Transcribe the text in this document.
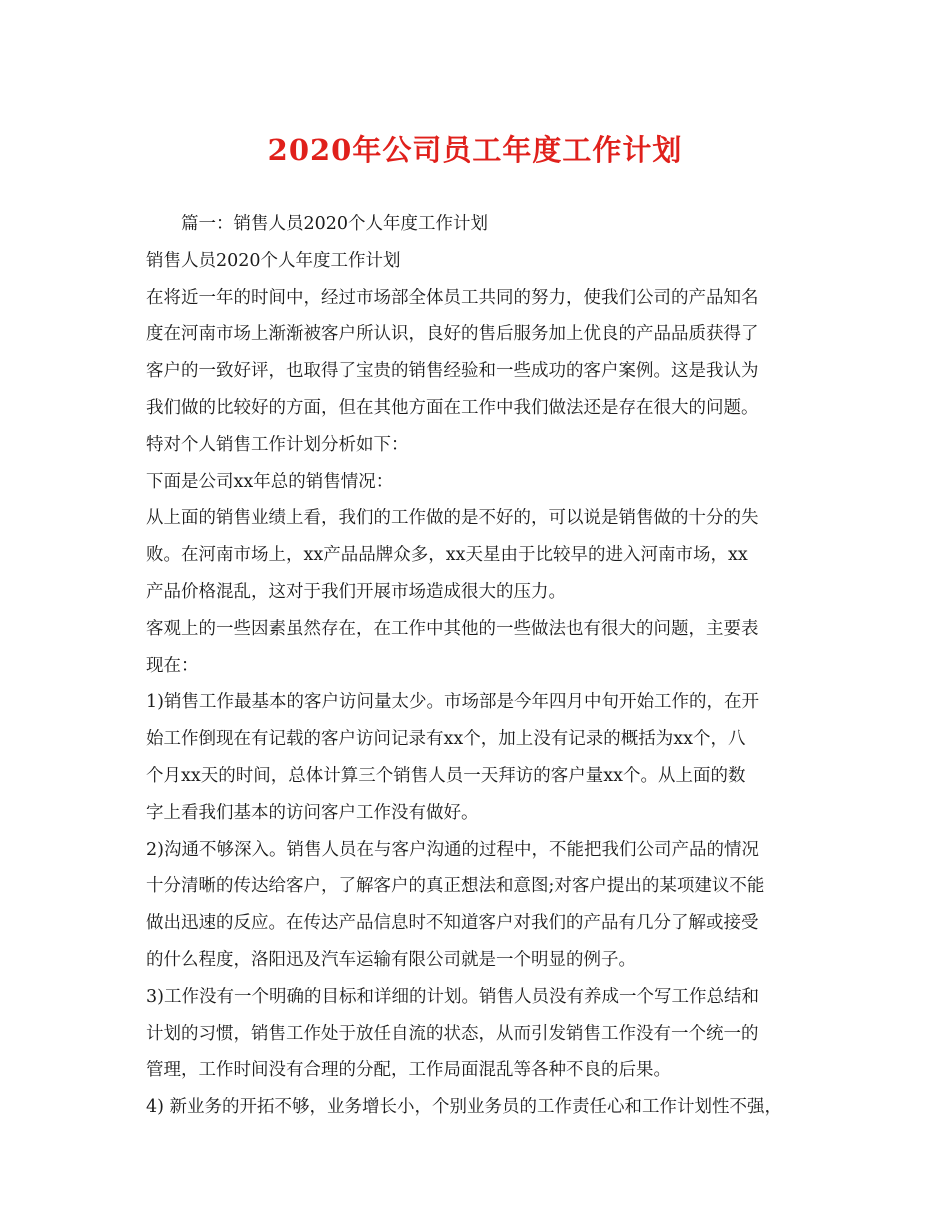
2020年公司员工年度工作计划
篇一：销售人员2020个人年度工作计划
销售人员2020个人年度工作计划
在将近一年的时间中，经过市场部全体员工共同的努力，使我们公司的产品知名
度在河南市场上渐渐被客户所认识，良好的售后服务加上优良的产品品质获得了
客户的一致好评，也取得了宝贵的销售经验和一些成功的客户案例。这是我认为
我们做的比较好的方面，但在其他方面在工作中我们做法还是存在很大的问题。
特对个人销售工作计划分析如下：
下面是公司xx年总的销售情况：
从上面的销售业绩上看，我们的工作做的是不好的，可以说是销售做的十分的失
败。在河南市场上，xx产品品牌众多，xx天星由于比较早的进入河南市场，xx
产品价格混乱，这对于我们开展市场造成很大的压力。
客观上的一些因素虽然存在，在工作中其他的一些做法也有很大的问题，主要表
现在：
1)销售工作最基本的客户访问量太少。市场部是今年四月中旬开始工作的，在开
始工作倒现在有记载的客户访问记录有xx个，加上没有记录的概括为xx个，八
个月xx天的时间，总体计算三个销售人员一天拜访的客户量xx个。从上面的数
字上看我们基本的访问客户工作没有做好。
2)沟通不够深入。销售人员在与客户沟通的过程中，不能把我们公司产品的情况
十分清晰的传达给客户，了解客户的真正想法和意图;对客户提出的某项建议不能
做出迅速的反应。在传达产品信息时不知道客户对我们的产品有几分了解或接受
的什么程度，洛阳迅及汽车运输有限公司就是一个明显的例子。
3)工作没有一个明确的目标和详细的计划。销售人员没有养成一个写工作总结和
计划的习惯，销售工作处于放任自流的状态，从而引发销售工作没有一个统一的
管理，工作时间没有合理的分配，工作局面混乱等各种不良的后果。
4) 新业务的开拓不够，业务增长小，个别业务员的工作责任心和工作计划性不强，
